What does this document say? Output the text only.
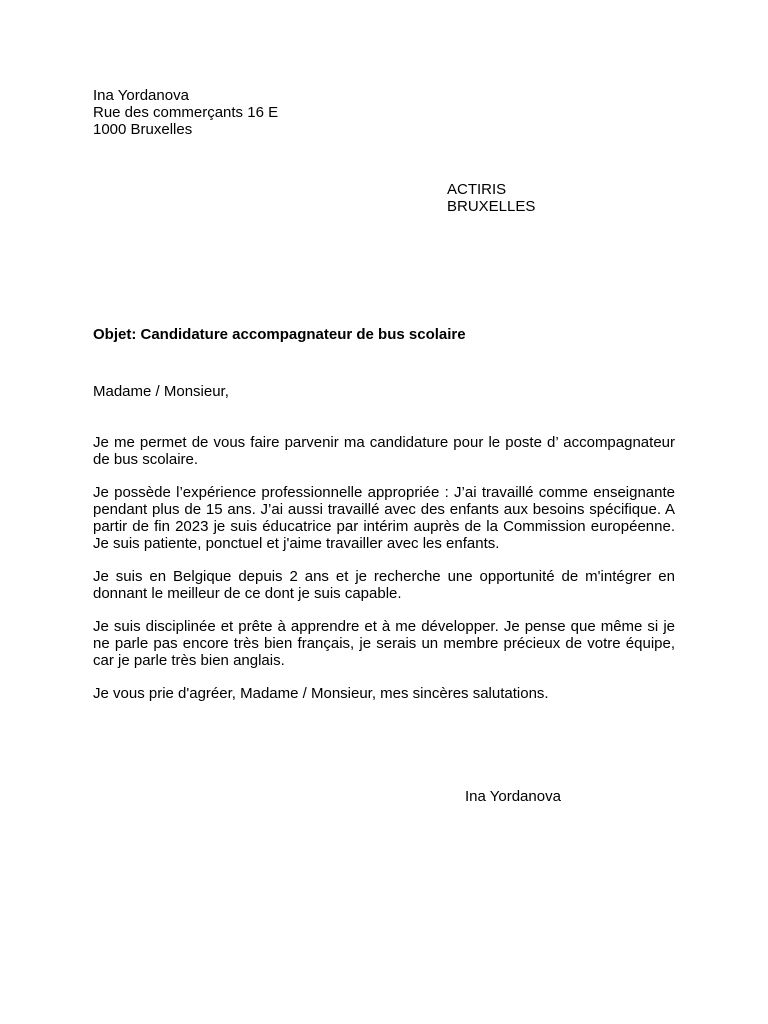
Ina Yordanova
Rue des commerçants 16 E
1000 Bruxelles
ACTIRIS
BRUXELLES
Objet: Candidature accompagnateur de bus scolaire
Madame / Monsieur,

Je me permet de vous faire parvenir ma candidature pour le poste d’ accompagnateur de bus scolaire.

Je possède l’expérience professionnelle appropriée : J’ai travaillé comme enseignante pendant plus de 15 ans. J’ai aussi travaillé avec des enfants aux besoins spécifique. A partir de fin 2023 je suis éducatrice par intérim auprès de la Commission européenne. Je suis patiente, ponctuel et j'aime travailler avec les enfants.

Je suis en Belgique depuis 2 ans et je recherche une opportunité de m'intégrer en donnant le meilleur de ce dont je suis capable.

Je suis disciplinée et prête à apprendre et à me développer. Je pense que même si je ne parle pas encore très bien français, je serais un membre précieux de votre équipe, car je parle très bien anglais.

Je vous prie d'agréer, Madame / Monsieur, mes sincères salutations.

Ina Yordanova
